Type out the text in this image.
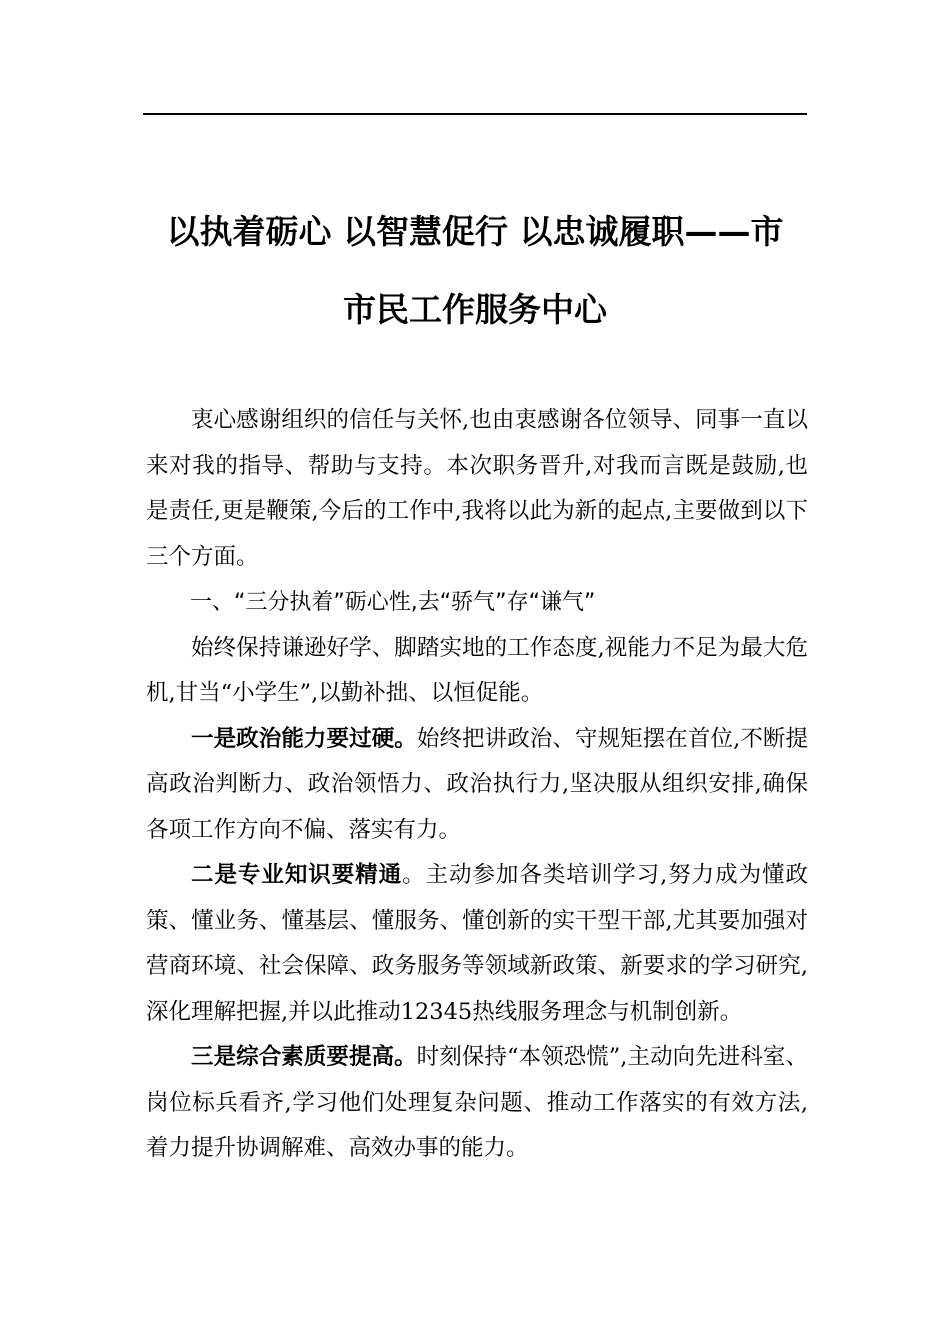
以执着砺心 以智慧促行 以忠诚履职——市
市民工作服务中心

衷心感谢组织的信任与关怀,也由衷感谢各位领导、同事一直以来对我的指导、帮助与支持。本次职务晋升,对我而言既是鼓励,也是责任,更是鞭策,今后的工作中,我将以此为新的起点,主要做到以下三个方面。

一、“三分执着”砺心性,去“骄气”存“谦气”

始终保持谦逊好学、脚踏实地的工作态度,视能力不足为最大危机,甘当“小学生”,以勤补拙、以恒促能。

一是政治能力要过硬。始终把讲政治、守规矩摆在首位,不断提高政治判断力、政治领悟力、政治执行力,坚决服从组织安排,确保各项工作方向不偏、落实有力。

二是专业知识要精通。主动参加各类培训学习,努力成为懂政策、懂业务、懂基层、懂服务、懂创新的实干型干部,尤其要加强对营商环境、社会保障、政务服务等领域新政策、新要求的学习研究,深化理解把握,并以此推动12345热线服务理念与机制创新。

三是综合素质要提高。时刻保持“本领恐慌”,主动向先进科室、岗位标兵看齐,学习他们处理复杂问题、推动工作落实的有效方法,着力提升协调解难、高效办事的能力。
